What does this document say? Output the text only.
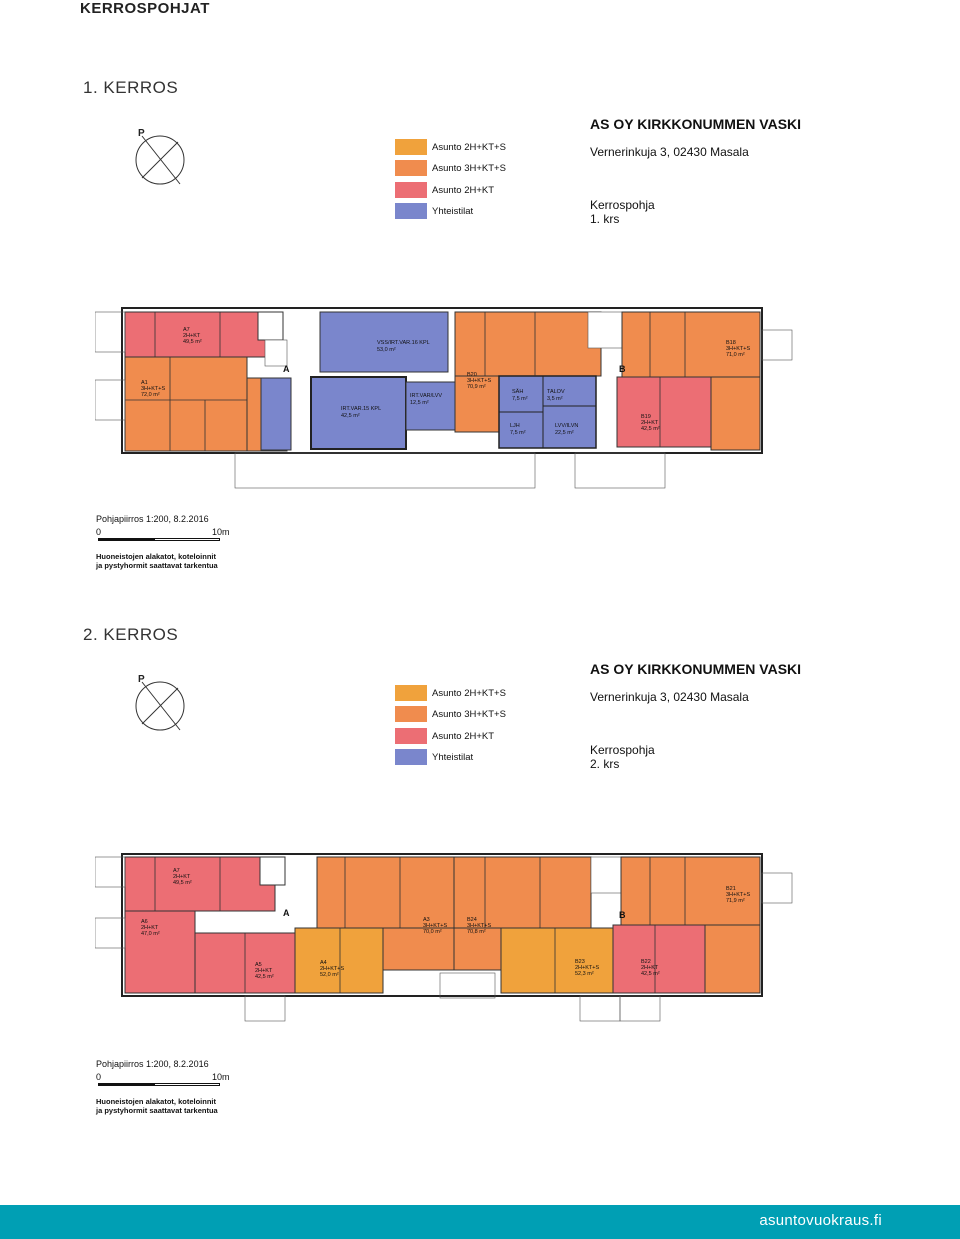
KERROSPOHJAT
1. KERROS
P
Asunto 2H+KT+S
Asunto 3H+KT+S
Asunto 2H+KT
Yhteistilat
AS OY KIRKKONUMMEN VASKI
Vernerinkuja 3, 02430 Masala
Kerrospohja
1. krs
A	B
A7
2H+KT
49,5 m²
A1
3H+KT+S
72,0 m²
VSS/IRT.VAR.16 KPL
53,0 m²
IRT.VAR.15 KPL
42,5 m²
IRT.VAR/LVV
12,5 m²
B20
3H+KT+S
70,9 m²
SÄH
7,5 m²
TALOV
3,5 m²
LJH
7,5 m²
LVV/ILVN
22,5 m²
B18
3H+KT+S
71,0 m²
B19
2H+KT
42,5 m²
Pohjapiirros 1:200, 8.2.2016
0	10m
Huoneistojen alakatot, koteloinnit
ja pystyhormit saattavat tarkentua
2. KERROS
P
Asunto 2H+KT+S
Asunto 3H+KT+S
Asunto 2H+KT
Yhteistilat
AS OY KIRKKONUMMEN VASKI
Vernerinkuja 3, 02430 Masala
Kerrospohja
2. krs
A	B
A7
2H+KT
49,5 m²
A6
2H+KT
47,0 m²
A5
2H+KT
42,5 m²
A4
2H+KT+S
52,0 m²
A3
3H+KT+S
70,0 m²
B24
3H+KT+S
70,8 m²
B23
2H+KT+S
52,3 m²
B22
2H+KT
42,5 m²
B21
3H+KT+S
71,9 m²
Pohjapiirros 1:200, 8.2.2016
0	10m
Huoneistojen alakatot, koteloinnit
ja pystyhormit saattavat tarkentua
asuntovuokraus.fi
